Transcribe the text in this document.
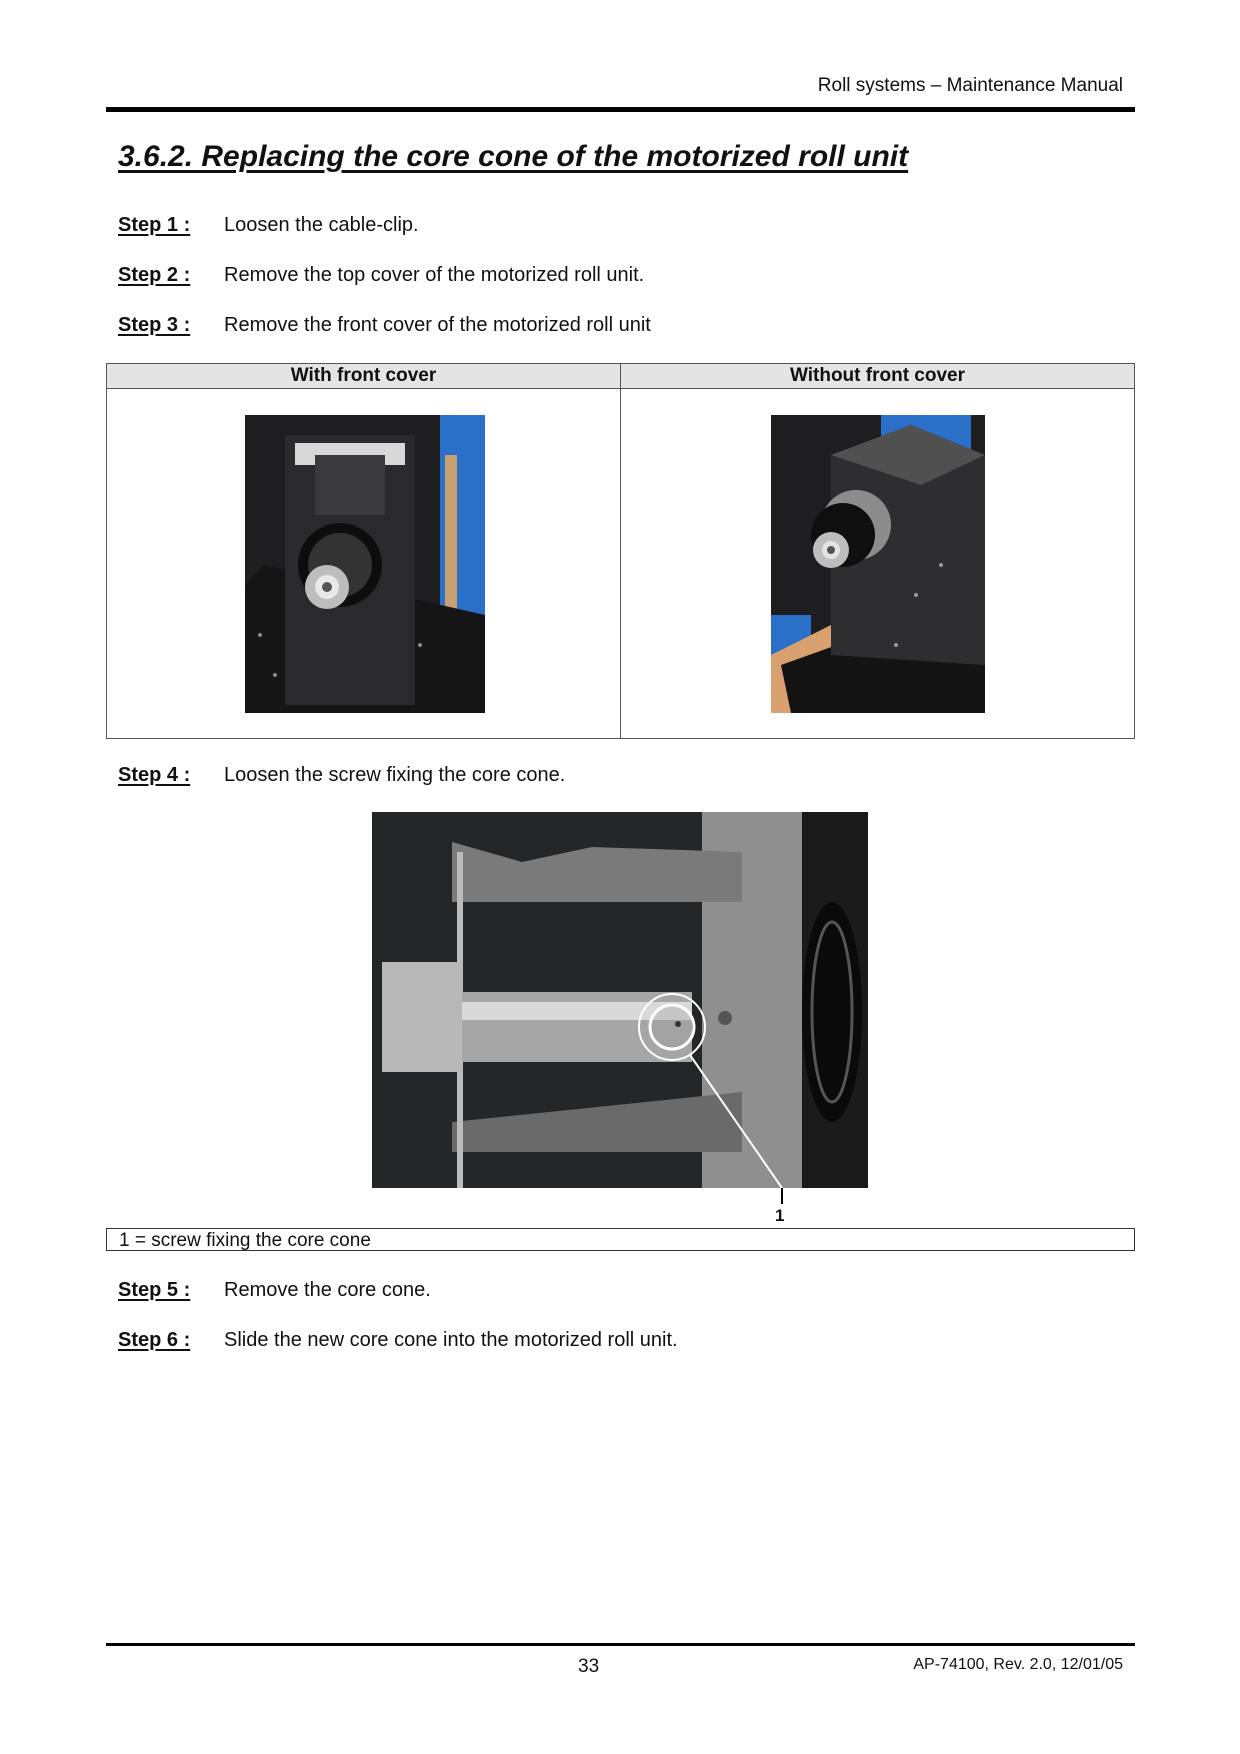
Roll systems – Maintenance Manual
3.6.2. Replacing the core cone of the motorized roll unit
Step 1 : Loosen the cable-clip.
Step 2 : Remove the top cover of the motorized roll unit.
Step 3 : Remove the front cover of the motorized roll unit
With front cover	Without front cover

Step 4 : Loosen the screw fixing the core cone.
1
1 = screw fixing the core cone
Step 5 : Remove the core cone.
Step 6 : Slide the new core cone into the motorized roll unit.
33	AP-74100, Rev. 2.0, 12/01/05
